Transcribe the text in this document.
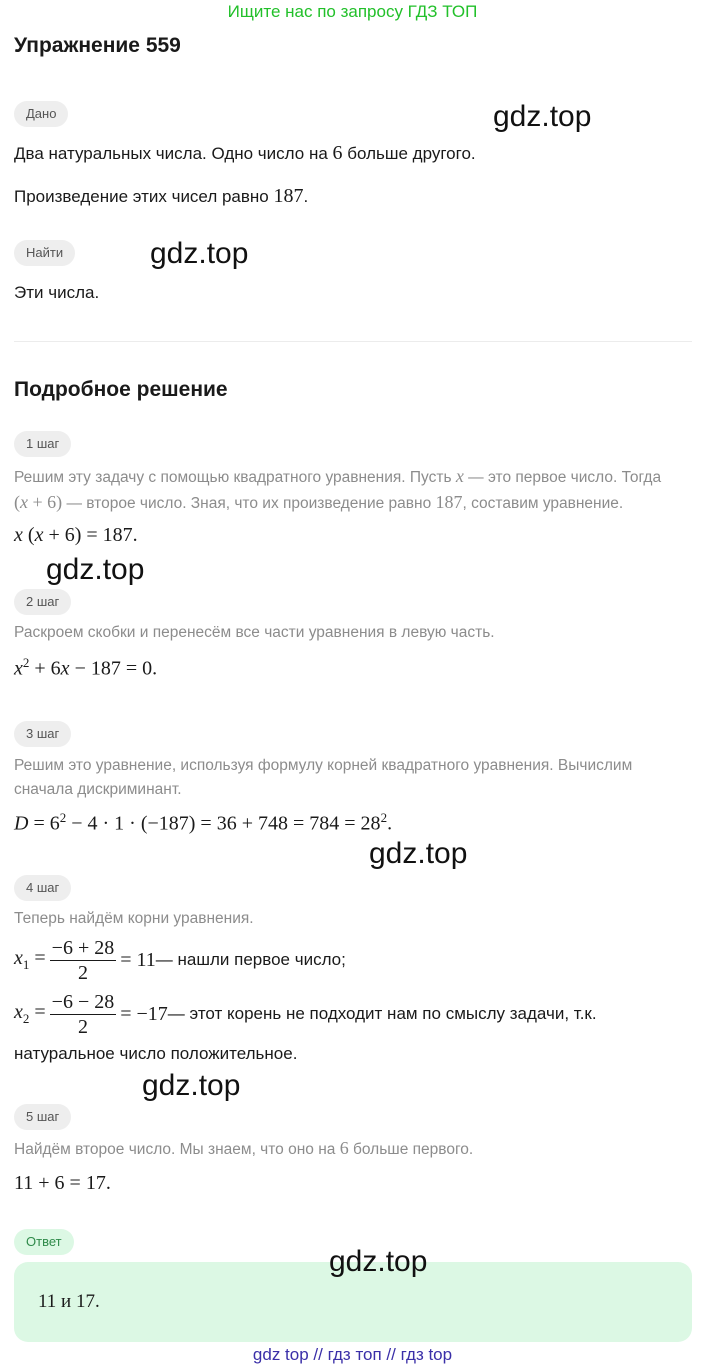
Ищите нас по запросу ГДЗ ТОП
Упражнение 559
Дано
Два натуральных числа. Одно число на 6 больше другого.
Произведение этих чисел равно 187.
Найти
Эти числа.
Подробное решение
1 шаг
Решим эту задачу с помощью квадратного уравнения. Пусть x — это первое число. Тогда
(x + 6) — второе число. Зная, что их произведение равно 187, составим уравнение.
x (x + 6) = 187.
2 шаг
Раскроем скобки и перенесём все части уравнения в левую часть.
$x^2 + 6x - 187 = 0$.
3 шаг
Решим это уравнение, используя формулу корней квадратного уравнения. Вычислим сначала дискриминант.
$D = 6^2 - 4 \cdot 1 \cdot (-187) = 36 + 748 = 784 = 28^2$.
4 шаг
Теперь найдём корни уравнения.
$x_1 = \frac{-6 + 28}{2} = 11$ — нашли первое число;
$x_2 = \frac{-6 - 28}{2} = -17$ — этот корень не подходит нам по смыслу задачи, т.к.
натуральное число положительное.
5 шаг
Найдём второе число. Мы знаем, что оно на 6 больше первого.
11 + 6 = 17.
Ответ
11 и 17.
gdz.top
gdz.top
gdz.top
gdz.top
gdz.top
gdz.top
gdz top // гдз топ // гдз top
